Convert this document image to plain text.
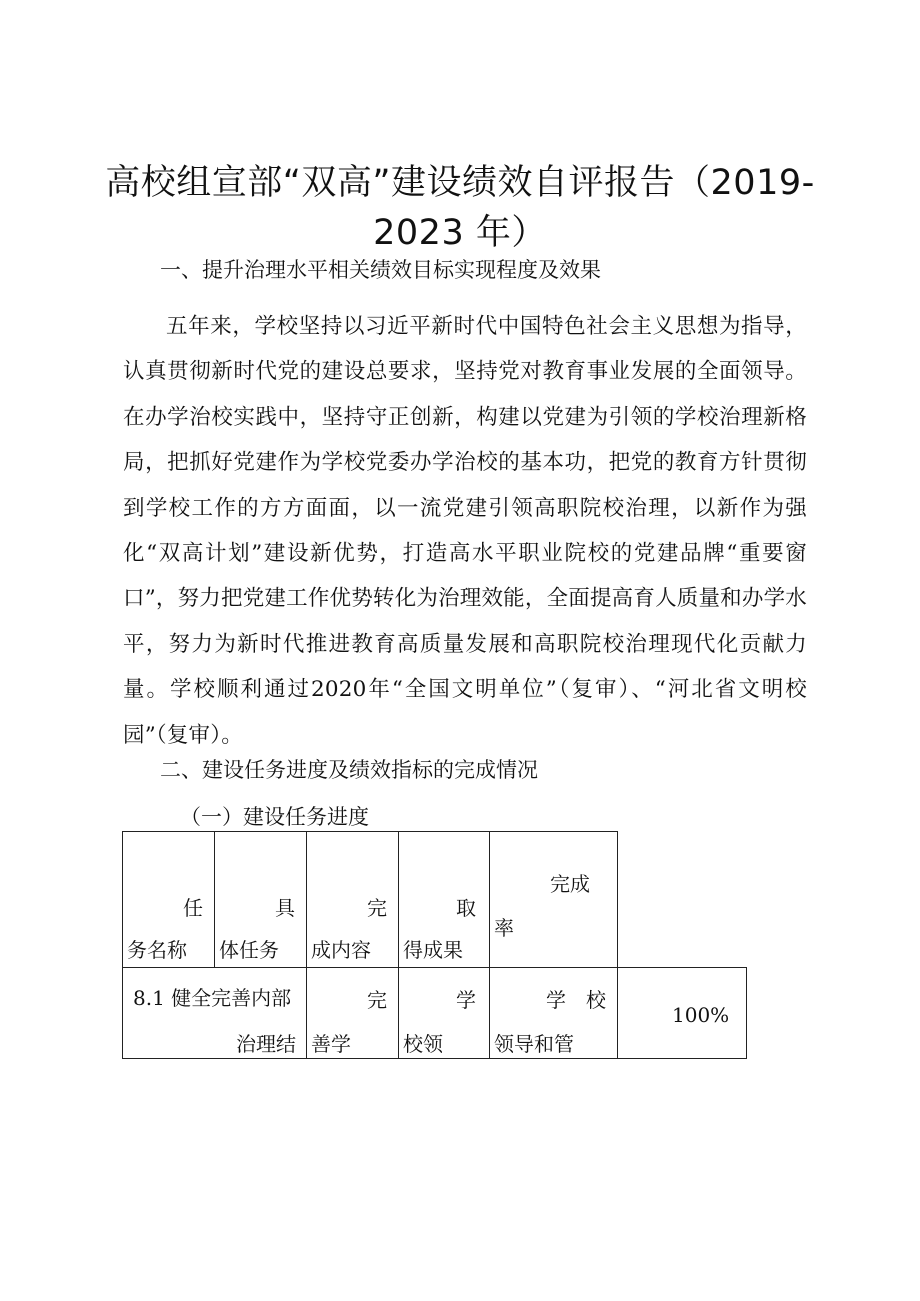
高校组宣部“双高”建设绩效自评报告（2019-
2023 年）

一、提升治理水平相关绩效目标实现程度及效果

五年来，学校坚持以习近平新时代中国特色社会主义思想为指导，认真贯彻新时代党的建设总要求，坚持党对教育事业发展的全面领导。在办学治校实践中，坚持守正创新，构建以党建为引领的学校治理新格局，把抓好党建作为学校党委办学治校的基本功，把党的教育方针贯彻到学校工作的方方面面，以一流党建引领高职院校治理，以新作为强化“双高计划”建设新优势，打造高水平职业院校的党建品牌“重要窗口”，努力把党建工作优势转化为治理效能，全面提高育人质量和办学水平，努力为新时代推进教育高质量发展和高职院校治理现代化贡献力量。学校顺利通过2020年“全国文明单位”（复审）、“河北省文明校园”（复审）。

二、建设任务进度及绩效指标的完成情况

（一）建设任务进度

任
务名称
具
体任务
完
成内容
取
得成果
完成
率
8.1 健全完善内部
治理结
完
善学
学
校领
学　校
领导和管
100%
